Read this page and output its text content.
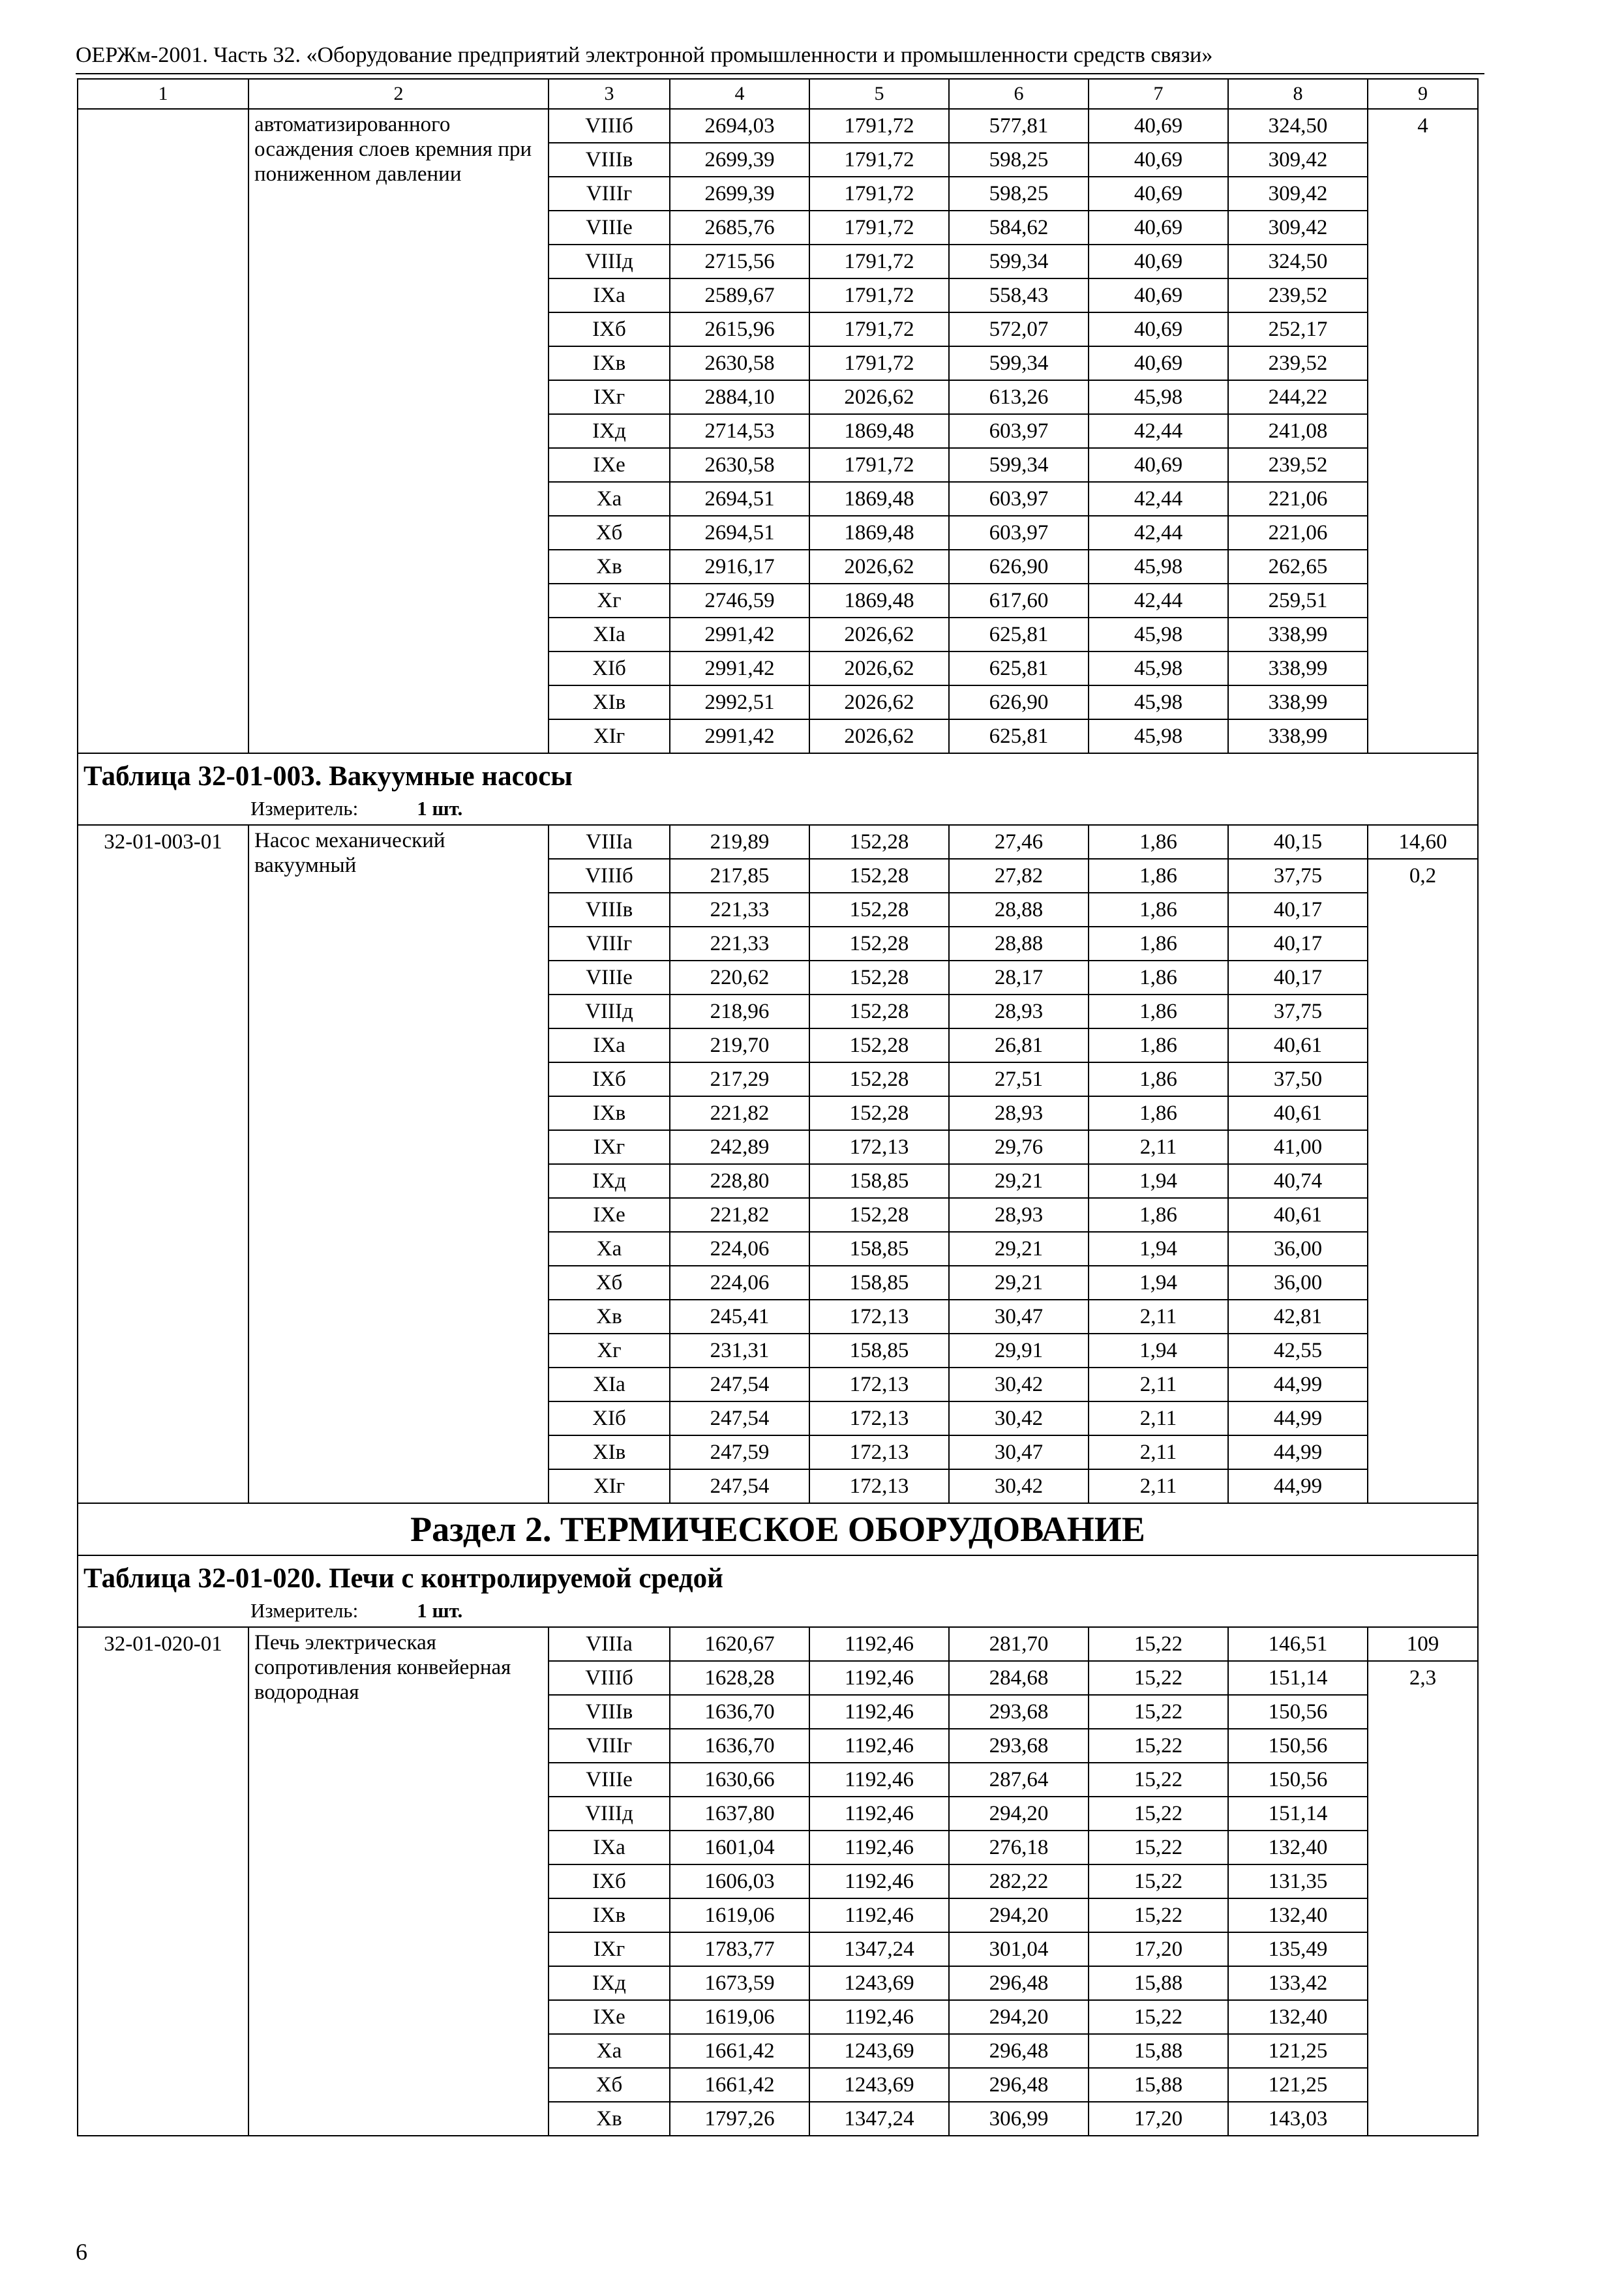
ОЕРЖм-2001. Часть 32. «Оборудование предприятий электронной промышленности и промышленности средств связи»
1	2	3	4	5	6	7	8	9
	автоматизированного осаждения слоев кремния при пониженном давлении	VIIIб	2694,03	1791,72	577,81	40,69	324,50	4
		VIIIв	2699,39	1791,72	598,25	40,69	309,42	
		VIIIг	2699,39	1791,72	598,25	40,69	309,42	
		VIIIе	2685,76	1791,72	584,62	40,69	309,42	
		VIIIд	2715,56	1791,72	599,34	40,69	324,50	
		IXа	2589,67	1791,72	558,43	40,69	239,52	
		IXб	2615,96	1791,72	572,07	40,69	252,17	
		IXв	2630,58	1791,72	599,34	40,69	239,52	
		IXг	2884,10	2026,62	613,26	45,98	244,22	
		IXд	2714,53	1869,48	603,97	42,44	241,08	
		IXе	2630,58	1791,72	599,34	40,69	239,52	
		Xа	2694,51	1869,48	603,97	42,44	221,06	
		Xб	2694,51	1869,48	603,97	42,44	221,06	
		Xв	2916,17	2026,62	626,90	45,98	262,65	
		Xг	2746,59	1869,48	617,60	42,44	259,51	
		XIа	2991,42	2026,62	625,81	45,98	338,99	
		XIб	2991,42	2026,62	625,81	45,98	338,99	
		XIв	2992,51	2026,62	626,90	45,98	338,99	
		XIг	2991,42	2026,62	625,81	45,98	338,99	

Таблица 32-01-003. Вакуумные насосы
Измеритель: 1 шт.								

32-01-003-01	Насос механический вакуумный	VIIIа	219,89	152,28	27,46	1,86	40,15	14,60
		VIIIб	217,85	152,28	27,82	1,86	37,75	0,2
		VIIIв	221,33	152,28	28,88	1,86	40,17	
		VIIIг	221,33	152,28	28,88	1,86	40,17	
		VIIIе	220,62	152,28	28,17	1,86	40,17	
		VIIIд	218,96	152,28	28,93	1,86	37,75	
		IXа	219,70	152,28	26,81	1,86	40,61	
		IXб	217,29	152,28	27,51	1,86	37,50	
		IXв	221,82	152,28	28,93	1,86	40,61	
		IXг	242,89	172,13	29,76	2,11	41,00	
		IXд	228,80	158,85	29,21	1,94	40,74	
		IXе	221,82	152,28	28,93	1,86	40,61	
		Xа	224,06	158,85	29,21	1,94	36,00	
		Xб	224,06	158,85	29,21	1,94	36,00	
		Xв	245,41	172,13	30,47	2,11	42,81	
		Xг	231,31	158,85	29,91	1,94	42,55	
		XIа	247,54	172,13	30,42	2,11	44,99	
		XIб	247,54	172,13	30,42	2,11	44,99	
		XIв	247,59	172,13	30,47	2,11	44,99	
		XIг	247,54	172,13	30,42	2,11	44,99	
Раздел 2. ТЕРМИЧЕСКОЕ ОБОРУДОВАНИЕ								

Таблица 32-01-020. Печи с контролируемой средой
Измеритель: 1 шт.								

32-01-020-01	Печь электрическая сопротивления конвейерная водородная	VIIIа	1620,67	1192,46	281,70	15,22	146,51	109
		VIIIб	1628,28	1192,46	284,68	15,22	151,14	2,3
		VIIIв	1636,70	1192,46	293,68	15,22	150,56	
		VIIIг	1636,70	1192,46	293,68	15,22	150,56	
		VIIIе	1630,66	1192,46	287,64	15,22	150,56	
		VIIIд	1637,80	1192,46	294,20	15,22	151,14	
		IXа	1601,04	1192,46	276,18	15,22	132,40	
		IXб	1606,03	1192,46	282,22	15,22	131,35	
		IXв	1619,06	1192,46	294,20	15,22	132,40	
		IXг	1783,77	1347,24	301,04	17,20	135,49	
		IXд	1673,59	1243,69	296,48	15,88	133,42	
		IXе	1619,06	1192,46	294,20	15,22	132,40	
		Xа	1661,42	1243,69	296,48	15,88	121,25	
		Xб	1661,42	1243,69	296,48	15,88	121,25	
		Xв	1797,26	1347,24	306,99	17,20	143,03	
6
